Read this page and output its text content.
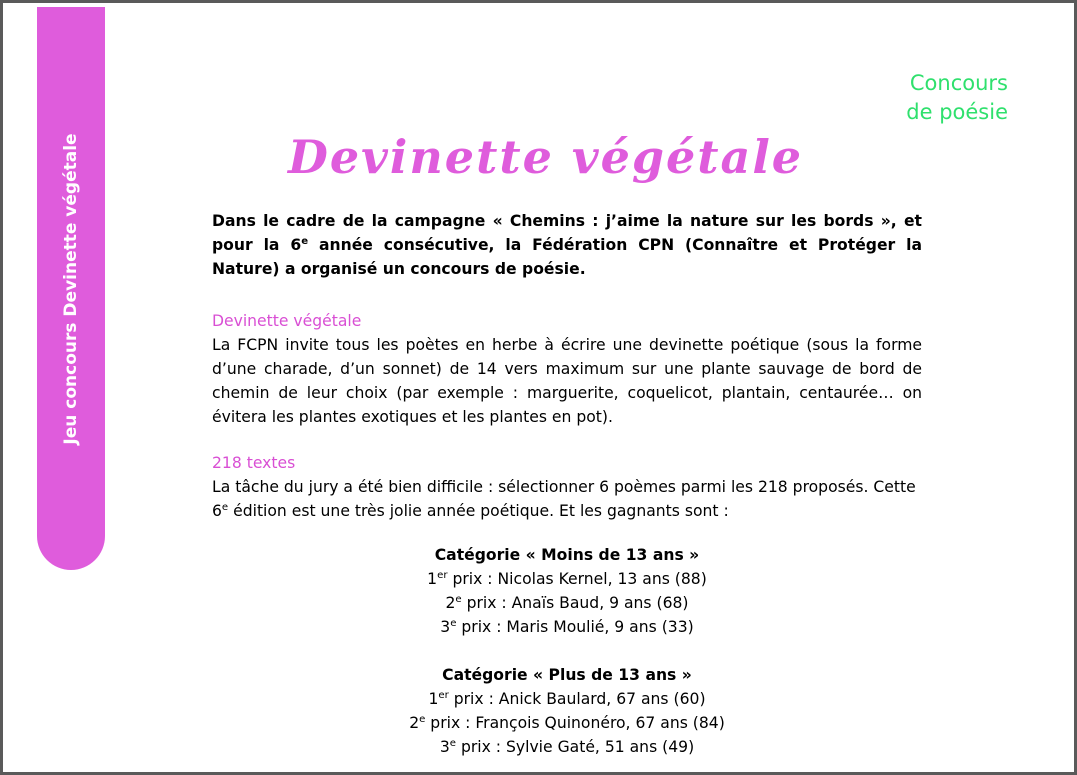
Jeu concours Devinette végétale
Concours
de poésie
Devinette végétale
Dans le cadre de la campagne « Chemins : j’aime la nature sur les bords », et pour la 6e année consécutive, la Fédération CPN (Connaître et Protéger la Nature) a organisé un concours de poésie.
Devinette végétale
La FCPN invite tous les poètes en herbe à écrire une devinette poétique (sous la forme d’une charade, d’un sonnet) de 14 vers maximum sur une plante sauvage de bord de chemin de leur choix (par exemple : marguerite, coquelicot, plantain, centaurée… on évitera les plantes exotiques et les plantes en pot).
218 textes
La tâche du jury a été bien difficile : sélectionner 6 poèmes parmi les 218 proposés. Cette 6e édition est une très jolie année poétique. Et les gagnants sont :
Catégorie « Moins de 13 ans »
1er prix : Nicolas Kernel, 13 ans (88)
2e prix : Anaïs Baud, 9 ans (68)
3e prix : Maris Moulié, 9 ans (33)
Catégorie « Plus de 13 ans »
1er prix : Anick Baulard, 67 ans (60)
2e prix : François Quinonéro, 67 ans (84)
3e prix : Sylvie Gaté, 51 ans (49)
